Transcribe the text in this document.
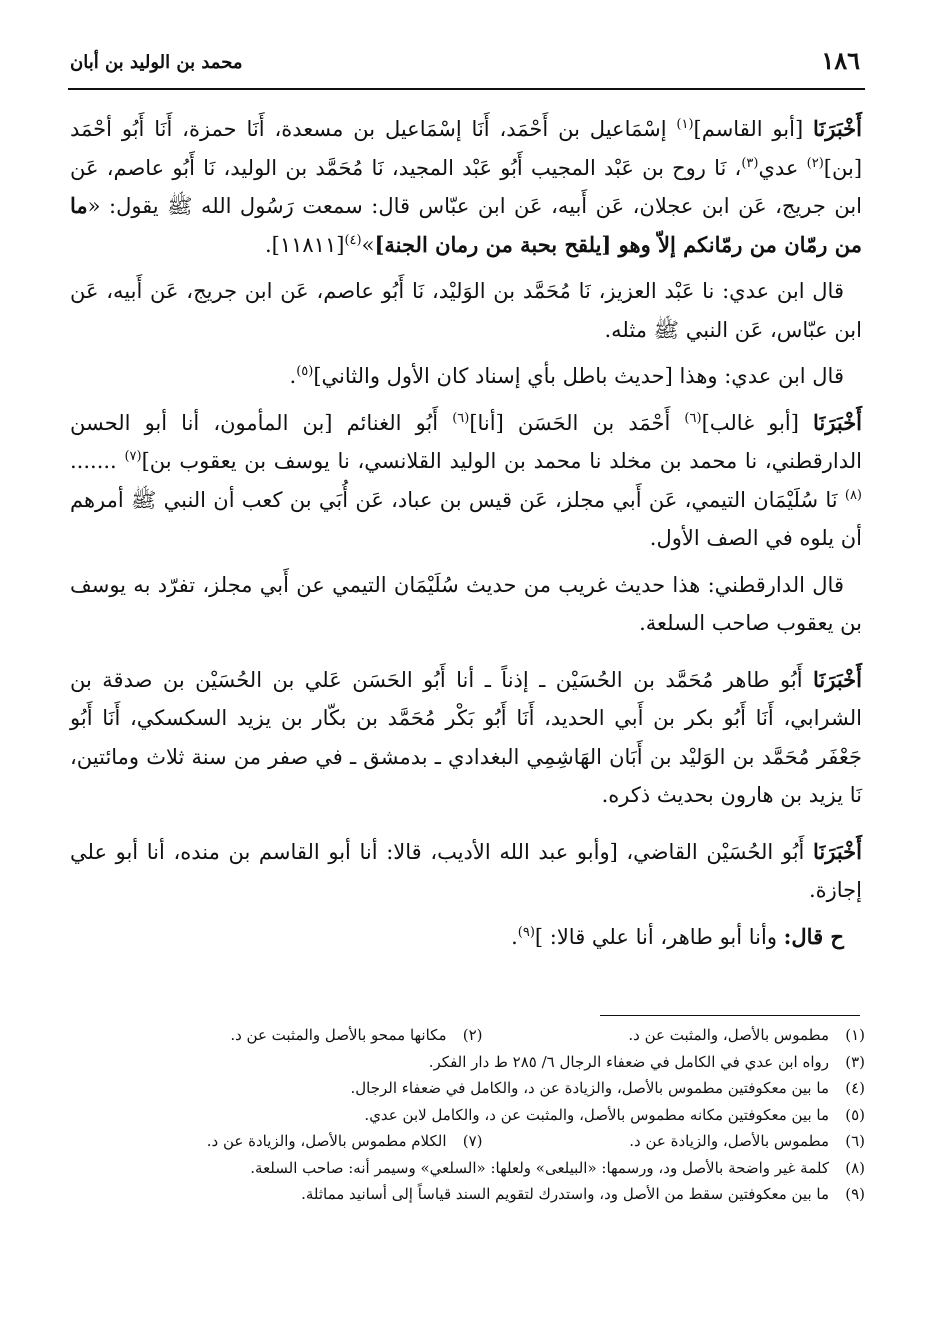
١٨٦
محمد بن الوليد بن أبان

أَخْبَرَنَا [أبو القاسم]$^{(١)}$ إسْمَاعيل بن أَحْمَد، أَنَا إسْمَاعيل بن مسعدة، أَنَا حمزة، أَنَا أَبُو أحْمَد [بن]$^{(٢)}$ عدي$^{(٣)}$، نَا روح بن عَبْد المجيب أَبُو عَبْد المجيد، نَا مُحَمَّد بن الوليد، نَا أَبُو عاصم، عَن ابن جريج، عَن ابن عجلان، عَن أَبيه، عَن ابن عبّاس قال: سمعت رَسُول الله ﷺ يقول: «ما من رمّان من رمّانكم إلاّ وهو [يلقح بحبة من رمان الجنة]»$^{(٤)}$[١١٨١١].

قال ابن عدي: نا عَبْد العزيز، نَا مُحَمَّد بن الوَليْد، نَا أَبُو عاصم، عَن ابن جريج، عَن أَبيه، عَن ابن عبّاس، عَن النبي ﷺ مثله.

قال ابن عدي: وهذا [حديث باطل بأي إسناد كان الأول والثاني]$^{(٥)}$.

أَخْبَرَنَا [أبو غالب]$^{(٦)}$ أَحْمَد بن الحَسَن [أنا]$^{(٦)}$ أَبُو الغنائم [بن المأمون، أنا أبو الحسن الدارقطني، نا محمد بن مخلد نا محمد بن الوليد القلانسي، نا يوسف بن يعقوب بن]$^{(٧)}$ .......$^{(٨)}$ نَا سُلَيْمَان التيمي، عَن أَبي مجلز، عَن قيس بن عباد، عَن أُبَي بن كعب أن النبي ﷺ أمرهم أن يلوه في الصف الأول.

قال الدارقطني: هذا حديث غريب من حديث سُلَيْمَان التيمي عن أَبي مجلز، تفرّد به يوسف بن يعقوب صاحب السلعة.

أَخْبَرَنَا أَبُو طاهر مُحَمَّد بن الحُسَيْن ـ إذناً ـ أنا أَبُو الحَسَن عَلي بن الحُسَيْن بن صدقة بن الشرابي، أَنَا أَبُو بكر بن أَبي الحديد، أَنَا أَبُو بَكْر مُحَمَّد بن بكّار بن يزيد السكسكي، أَنَا أَبُو جَعْفَر مُحَمَّد بن الوَليْد بن أَبَان الهَاشِمِي البغدادي ـ بدمشق ـ في صفر من سنة ثلاث ومائتين، نَا يزيد بن هارون بحديث ذكره.

أَخْبَرَنَا أَبُو الحُسَيْن القاضي، [وأبو عبد الله الأديب، قالا: أنا أبو القاسم بن منده، أنا أبو علي إجازة.

ح قال: وأنا أبو طاهر، أنا علي قالا: ]$^{(٩)}$.

(١)
مطموس بالأصل، والمثبت عن د.
(٢)
مكانها ممحو بالأصل والمثبت عن د.
(٣)
رواه ابن عدي في الكامل في ضعفاء الرجال ٦/ ٢٨٥ ط دار الفكر.
(٤)
ما بين معكوفتين مطموس بالأصل، والزيادة عن د، والكامل في ضعفاء الرجال.
(٥)
ما بين معكوفتين مكانه مطموس بالأصل، والمثبت عن د، والكامل لابن عدي.
(٦)
مطموس بالأصل، والزيادة عن د.
(٧)
الكلام مطموس بالأصل، والزيادة عن د.
(٨)
كلمة غير واضحة بالأصل ود، ورسمها: «البيلعى» ولعلها: «السلعي» وسيمر أنه: صاحب السلعة.
(٩)
ما بين معكوفتين سقط من الأصل ود، واستدرك لتقويم السند قياساً إلى أسانيد مماثلة.
